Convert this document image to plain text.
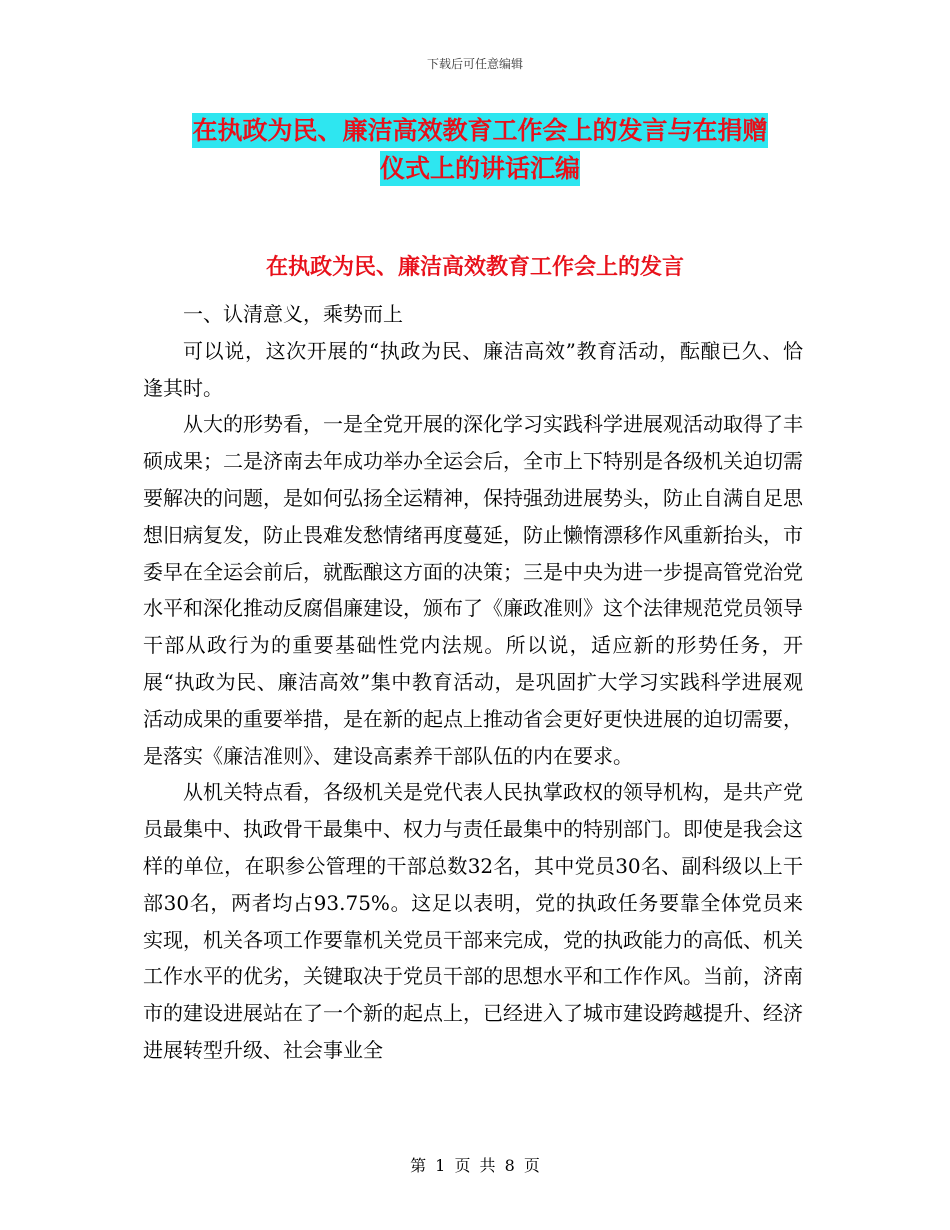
下载后可任意编辑
在执政为民、廉洁高效教育工作会上的发言与在捐赠
仪式上的讲话汇编
在执政为民、廉洁高效教育工作会上的发言

一、认清意义，乘势而上

可以说，这次开展的“执政为民、廉洁高效”教育活动，酝酿已久、恰逢其时。

从大的形势看，一是全党开展的深化学习实践科学进展观活动取得了丰硕成果；二是济南去年成功举办全运会后，全市上下特别是各级机关迫切需要解决的问题，是如何弘扬全运精神，保持强劲进展势头，防止自满自足思想旧病复发，防止畏难发愁情绪再度蔓延，防止懒惰漂移作风重新抬头，市委早在全运会前后，就酝酿这方面的决策；三是中央为进一步提高管党治党水平和深化推动反腐倡廉建设，颁布了《廉政准则》这个法律规范党员领导干部从政行为的重要基础性党内法规。所以说，适应新的形势任务，开展“执政为民、廉洁高效”集中教育活动，是巩固扩大学习实践科学进展观活动成果的重要举措，是在新的起点上推动省会更好更快进展的迫切需要，是落实《廉洁准则》、建设高素养干部队伍的内在要求。

从机关特点看，各级机关是党代表人民执掌政权的领导机构，是共产党员最集中、执政骨干最集中、权力与责任最集中的特别部门。即使是我会这样的单位，在职参公管理的干部总数32名，其中党员30名、副科级以上干部30名，两者均占93.75%。这足以表明，党的执政任务要靠全体党员来实现，机关各项工作要靠机关党员干部来完成，党的执政能力的高低、机关工作水平的优劣，关键取决于党员干部的思想水平和工作作风。当前，济南市的建设进展站在了一个新的起点上，已经进入了城市建设跨越提升、经济进展转型升级、社会事业全

第 1 页 共 8 页
